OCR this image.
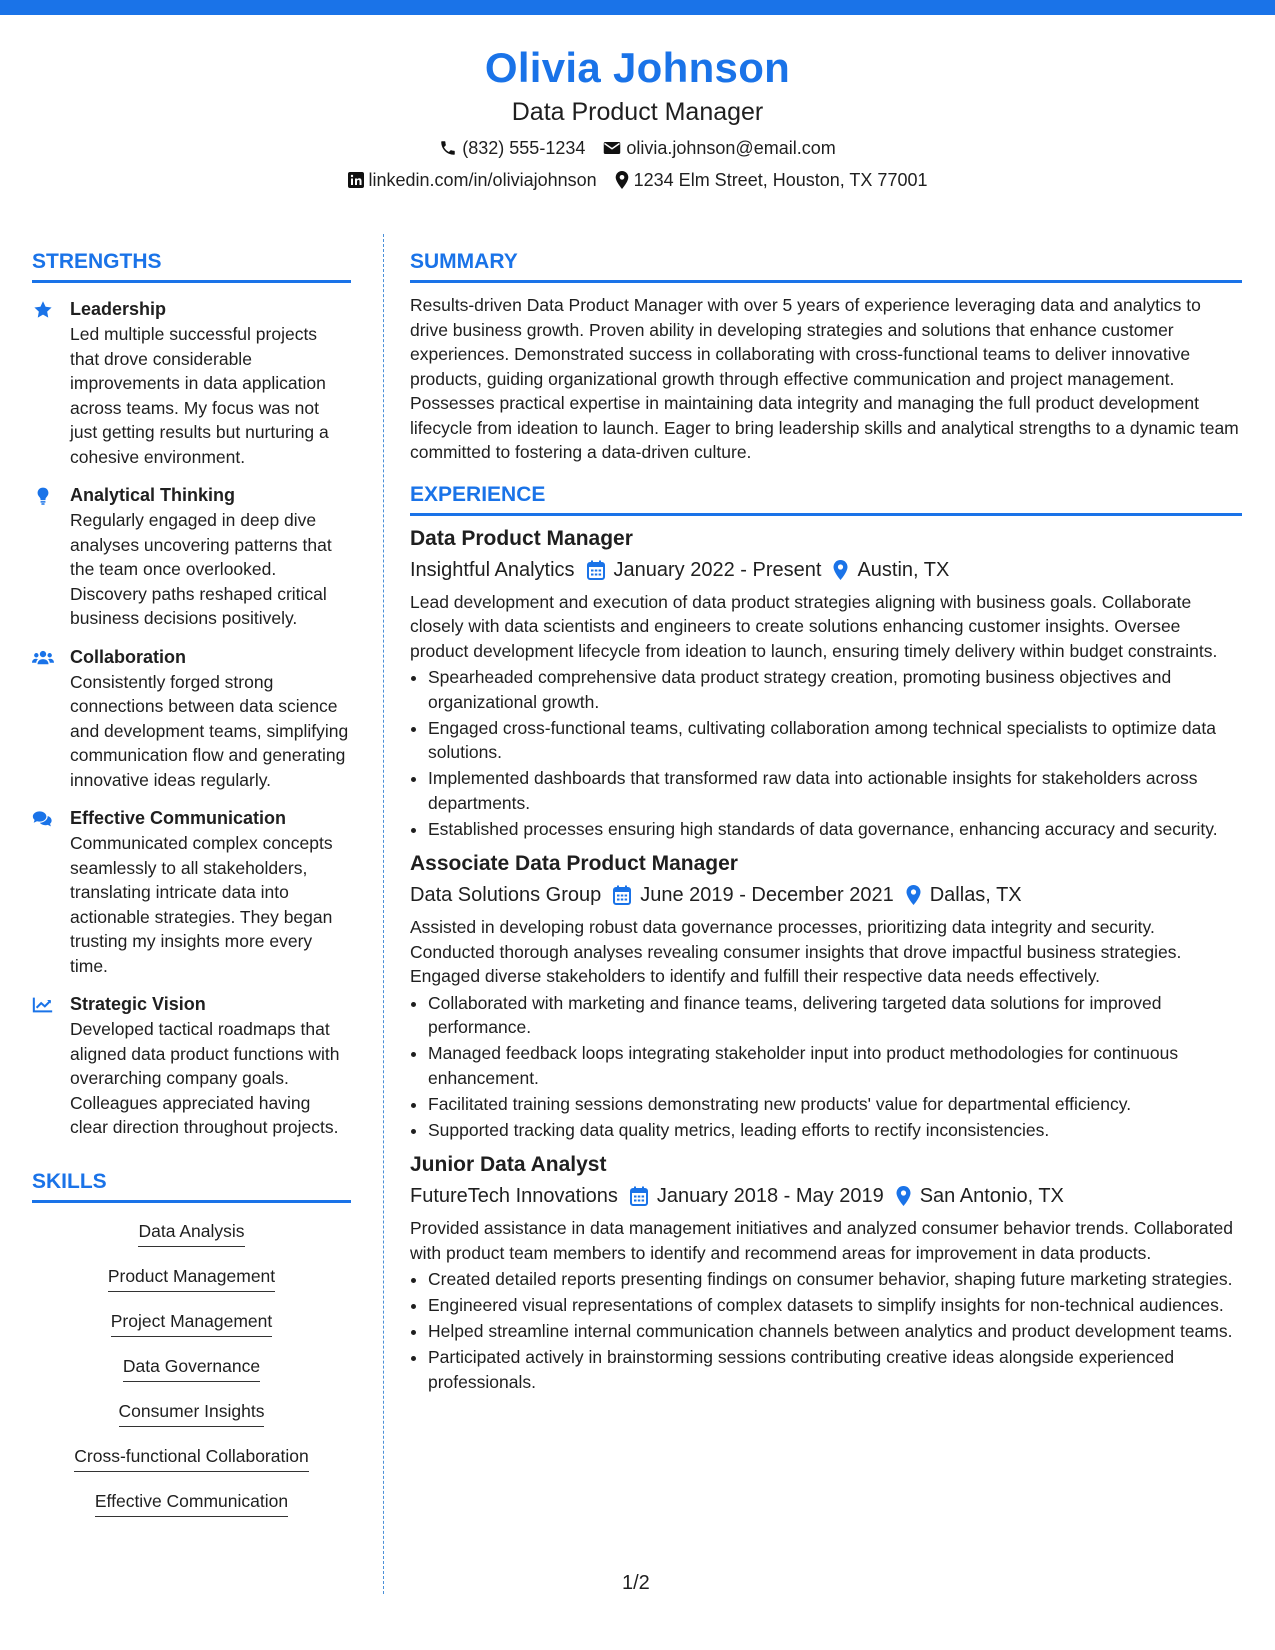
Olivia Johnson
Data Product Manager
(832) 555-1234 olivia.johnson@email.com
linkedin.com/in/oliviajohnson 1234 Elm Street, Houston, TX 77001
STRENGTHS
Leadership
Led multiple successful projects that drove considerable improvements in data application across teams. My focus was not just getting results but nurturing a cohesive environment.
Analytical Thinking
Regularly engaged in deep dive analyses uncovering patterns that the team once overlooked. Discovery paths reshaped critical business decisions positively.
Collaboration
Consistently forged strong connections between data science and development teams, simplifying communication flow and generating innovative ideas regularly.
Effective Communication
Communicated complex concepts seamlessly to all stakeholders, translating intricate data into actionable strategies. They began trusting my insights more every time.
Strategic Vision
Developed tactical roadmaps that aligned data product functions with overarching company goals. Colleagues appreciated having clear direction throughout projects.
SKILLS
Data Analysis
Product Management
Project Management
Data Governance
Consumer Insights
Cross-functional Collaboration
Effective Communication
SUMMARY
Results-driven Data Product Manager with over 5 years of experience leveraging data and analytics to drive business growth. Proven ability in developing strategies and solutions that enhance customer experiences. Demonstrated success in collaborating with cross-functional teams to deliver innovative products, guiding organizational growth through effective communication and project management. Possesses practical expertise in maintaining data integrity and managing the full product development lifecycle from ideation to launch. Eager to bring leadership skills and analytical strengths to a dynamic team committed to fostering a data-driven culture.
EXPERIENCE
Data Product Manager
Insightful Analytics January 2022 - Present Austin, TX
Lead development and execution of data product strategies aligning with business goals. Collaborate closely with data scientists and engineers to create solutions enhancing customer insights. Oversee product development lifecycle from ideation to launch, ensuring timely delivery within budget constraints.
• Spearheaded comprehensive data product strategy creation, promoting business objectives and organizational growth.
• Engaged cross-functional teams, cultivating collaboration among technical specialists to optimize data solutions.
• Implemented dashboards that transformed raw data into actionable insights for stakeholders across departments.
• Established processes ensuring high standards of data governance, enhancing accuracy and security.
Associate Data Product Manager
Data Solutions Group June 2019 - December 2021 Dallas, TX
Assisted in developing robust data governance processes, prioritizing data integrity and security. Conducted thorough analyses revealing consumer insights that drove impactful business strategies. Engaged diverse stakeholders to identify and fulfill their respective data needs effectively.
• Collaborated with marketing and finance teams, delivering targeted data solutions for improved performance.
• Managed feedback loops integrating stakeholder input into product methodologies for continuous enhancement.
• Facilitated training sessions demonstrating new products' value for departmental efficiency.
• Supported tracking data quality metrics, leading efforts to rectify inconsistencies.
Junior Data Analyst
FutureTech Innovations January 2018 - May 2019 San Antonio, TX
Provided assistance in data management initiatives and analyzed consumer behavior trends. Collaborated with product team members to identify and recommend areas for improvement in data products.
• Created detailed reports presenting findings on consumer behavior, shaping future marketing strategies.
• Engineered visual representations of complex datasets to simplify insights for non-technical audiences.
• Helped streamline internal communication channels between analytics and product development teams.
• Participated actively in brainstorming sessions contributing creative ideas alongside experienced professionals.
1/2
